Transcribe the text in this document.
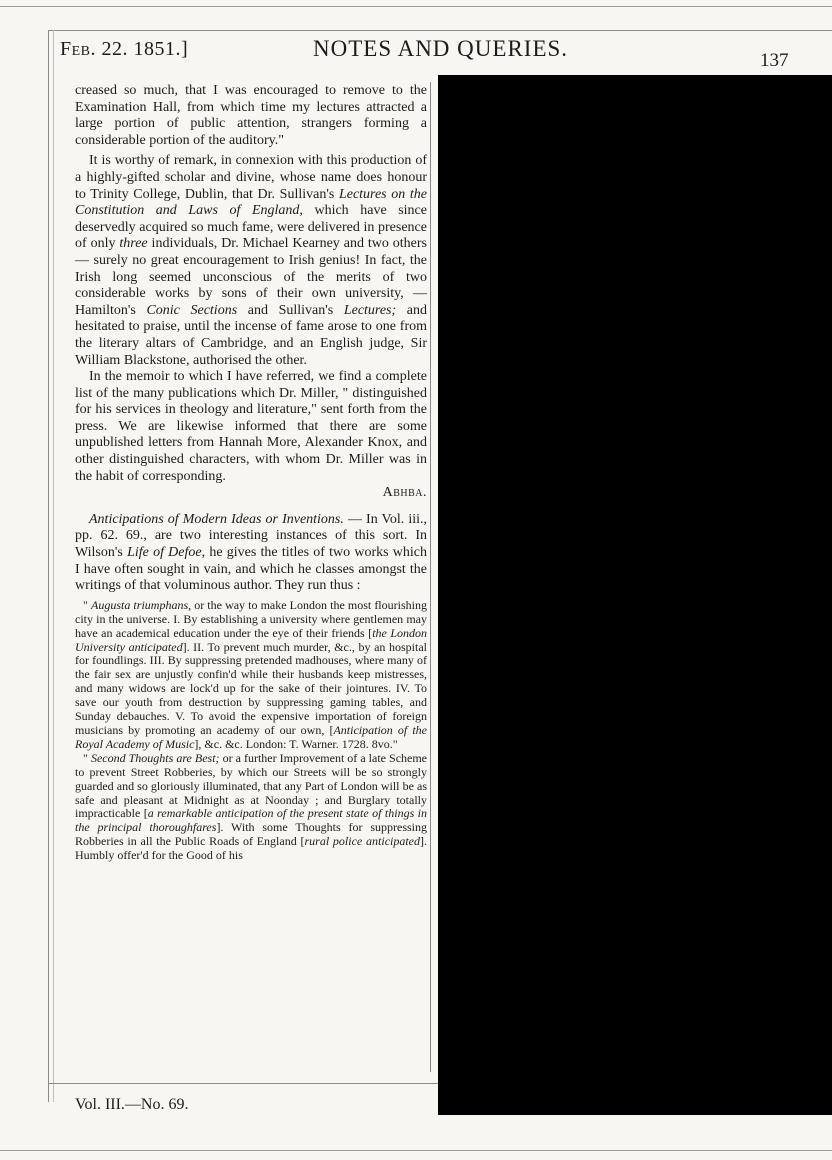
Feb. 22. 1851.]	NOTES AND QUERIES.	137

creased so much, that I was encouraged to remove to the Examination Hall, from which time my lectures attracted a large portion of public attention, strangers forming a considerable portion of the auditory."

It is worthy of remark, in connexion with this production of a highly-gifted scholar and divine, whose name does honour to Trinity College, Dublin, that Dr. Sullivan's Lectures on the Constitution and Laws of England, which have since deservedly acquired so much fame, were delivered in presence of only three individuals, Dr. Michael Kearney and two others — surely no great encouragement to Irish genius! In fact, the Irish long seemed unconscious of the merits of two considerable works by sons of their own university, — Hamilton's Conic Sections and Sullivan's Lectures; and hesitated to praise, until the incense of fame arose to one from the literary altars of Cambridge, and an English judge, Sir William Blackstone, authorised the other.

In the memoir to which I have referred, we find a complete list of the many publications which Dr. Miller, " distinguished for his services in theology and literature," sent forth from the press. We are likewise informed that there are some unpublished letters from Hannah More, Alexander Knox, and other distinguished characters, with whom Dr. Miller was in the habit of corresponding.

Abhba.

Anticipations of Modern Ideas or Inventions. — In Vol. iii., pp. 62. 69., are two interesting instances of this sort. In Wilson's Life of Defoe, he gives the titles of two works which I have often sought in vain, and which he classes amongst the writings of that voluminous author. They run thus :

" Augusta triumphans, or the way to make London the most flourishing city in the universe. I. By establishing a university where gentlemen may have an academical education under the eye of their friends [the London University anticipated]. II. To prevent much murder, &c., by an hospital for foundlings. III. By suppressing pretended madhouses, where many of the fair sex are unjustly confin'd while their husbands keep mistresses, and many widows are lock'd up for the sake of their jointures. IV. To save our youth from destruction by suppressing gaming tables, and Sunday debauches. V. To avoid the expensive importation of foreign musicians by promoting an academy of our own, [Anticipation of the Royal Academy of Music], &c. &c. London: T. Warner. 1728. 8vo."

" Second Thoughts are Best; or a further Improvement of a late Scheme to prevent Street Robberies, by which our Streets will be so strongly guarded and so gloriously illuminated, that any Part of London will be as safe and pleasant at Midnight as at Noonday ; and Burglary totally impracticable [a remarkable anticipation of the present state of things in the principal thoroughfares]. With some Thoughts for suppressing Robberies in all the Public Roads of England [rural police anticipated]. Humbly offer'd for the Good of his

Vol. III.—No. 69.
